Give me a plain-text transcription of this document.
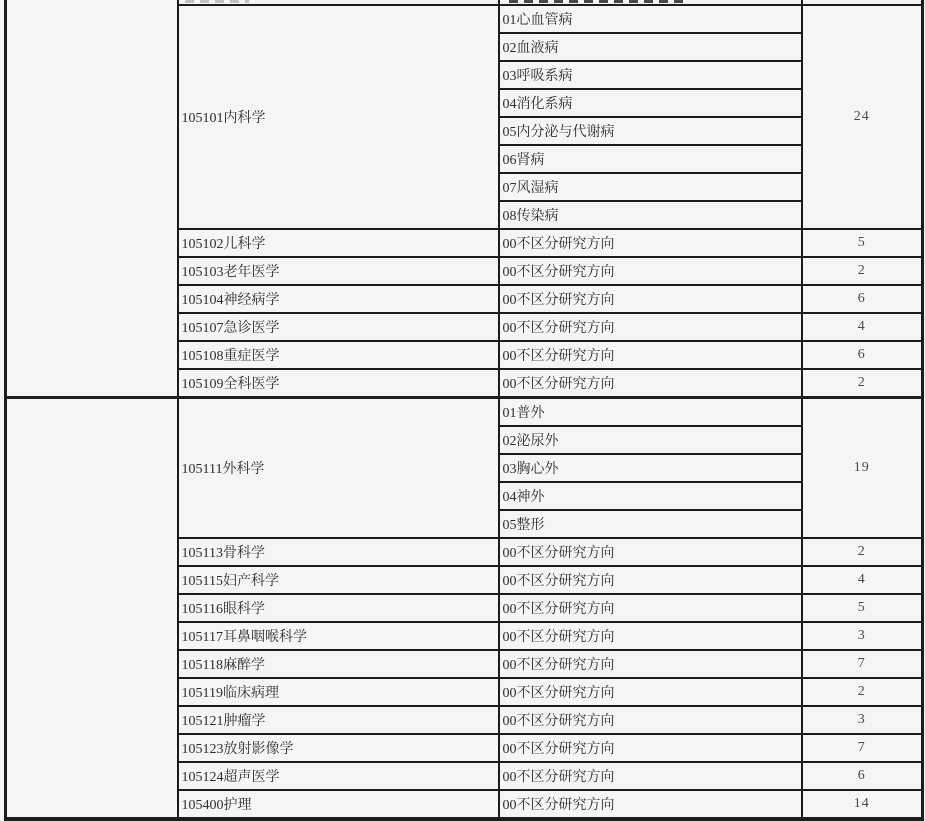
	105101内科学	01心血管病	24
		02血液病	
		03呼吸系病	
		04消化系病	
		05内分泌与代谢病	
		06肾病	
		07风湿病	
		08传染病	
	105102儿科学	00不区分研究方向	5
	105103老年医学	00不区分研究方向	2
	105104神经病学	00不区分研究方向	6
	105107急诊医学	00不区分研究方向	4
	105108重症医学	00不区分研究方向	6
	105109全科医学	00不区分研究方向	2
	105111外科学	01普外	19
		02泌尿外	
		03胸心外	
		04神外	
		05整形	
	105113骨科学	00不区分研究方向	2
	105115妇产科学	00不区分研究方向	4
	105116眼科学	00不区分研究方向	5
	105117耳鼻咽喉科学	00不区分研究方向	3
	105118麻醉学	00不区分研究方向	7
	105119临床病理	00不区分研究方向	2
	105121肿瘤学	00不区分研究方向	3
	105123放射影像学	00不区分研究方向	7
	105124超声医学	00不区分研究方向	6
	105400护理	00不区分研究方向	14
